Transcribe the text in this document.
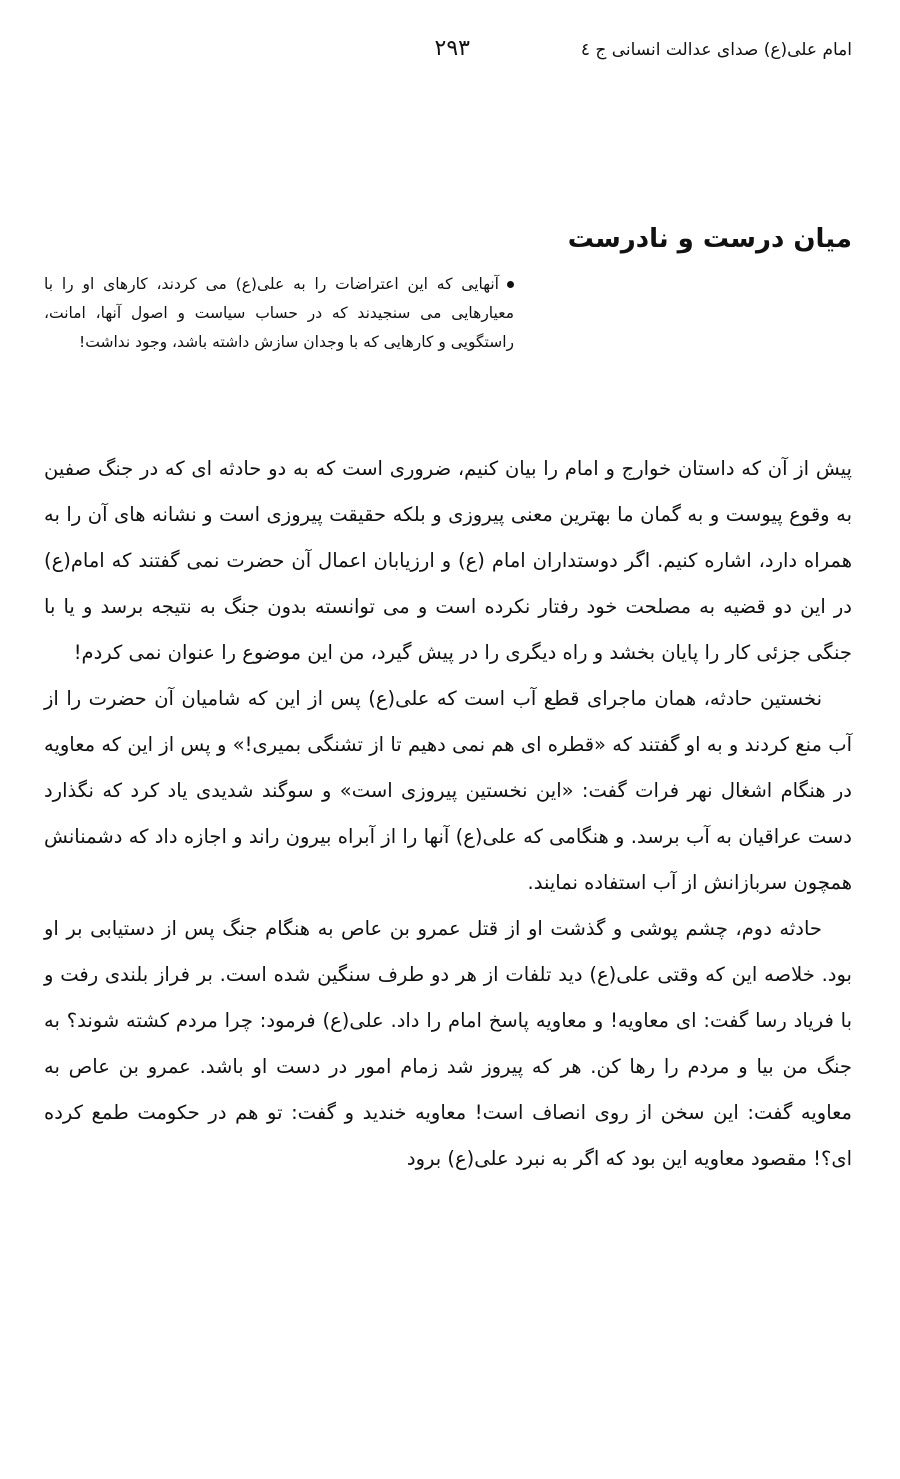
امام علی(ع) صدای عدالت انسانی ج ٤
۲۹۳
میان درست و نادرست
آنهایی که این اعتراضات را به علی(ع) می کردند، کارهای او را با معیارهایی می سنجیدند که در حساب سیاست و اصول آنها، امانت، راستگویی و کارهایی که با وجدان سازش داشته باشد، وجود نداشت!

پیش از آن که داستان خوارج و امام را بیان کنیم، ضروری است که به دو حادثه ای که در جنگ صفین به وقوع پیوست و به گمان ما بهترین معنی پیروزی و بلکه حقیقت پیروزی است و نشانه های آن را به همراه دارد، اشاره کنیم. اگر دوستداران امام (ع) و ارزیابان اعمال آن حضرت نمی گفتند که امام(ع) در این دو قضیه به مصلحت خود رفتار نکرده است و می توانسته بدون جنگ به نتیجه برسد و یا با جنگی جزئی کار را پایان بخشد و راه دیگری را در پیش گیرد، من این موضوع را عنوان نمی کردم!

نخستین حادثه، همان ماجرای قطع آب است که علی(ع) پس از این که شامیان آن حضرت را از آب منع کردند و به او گفتند که «قطره ای هم نمی دهیم تا از تشنگی بمیری!» و پس از این که معاویه در هنگام اشغال نهر فرات گفت: «این نخستین پیروزی است» و سوگند شدیدی یاد کرد که نگذارد دست عراقیان به آب برسد. و هنگامی که علی(ع) آنها را از آبراه بیرون راند و اجازه داد که دشمنانش همچون سربازانش از آب استفاده نمایند.

حادثه دوم، چشم پوشی و گذشت او از قتل عمرو بن عاص به هنگام جنگ پس از دستیابی بر او بود. خلاصه این که وقتی علی(ع) دید تلفات از هر دو طرف سنگین شده است. بر فراز بلندی رفت و با فریاد رسا گفت: ای معاویه! و معاویه پاسخ امام را داد. علی(ع) فرمود: چرا مردم کشته شوند؟ به جنگ من بیا و مردم را رها کن. هر که پیروز شد زمام امور در دست او باشد. عمرو بن عاص به معاویه گفت: این سخن از روی انصاف است! معاویه خندید و گفت: تو هم در حکومت طمع کرده ای؟! مقصود معاویه این بود که اگر به نبرد علی(ع) برود
